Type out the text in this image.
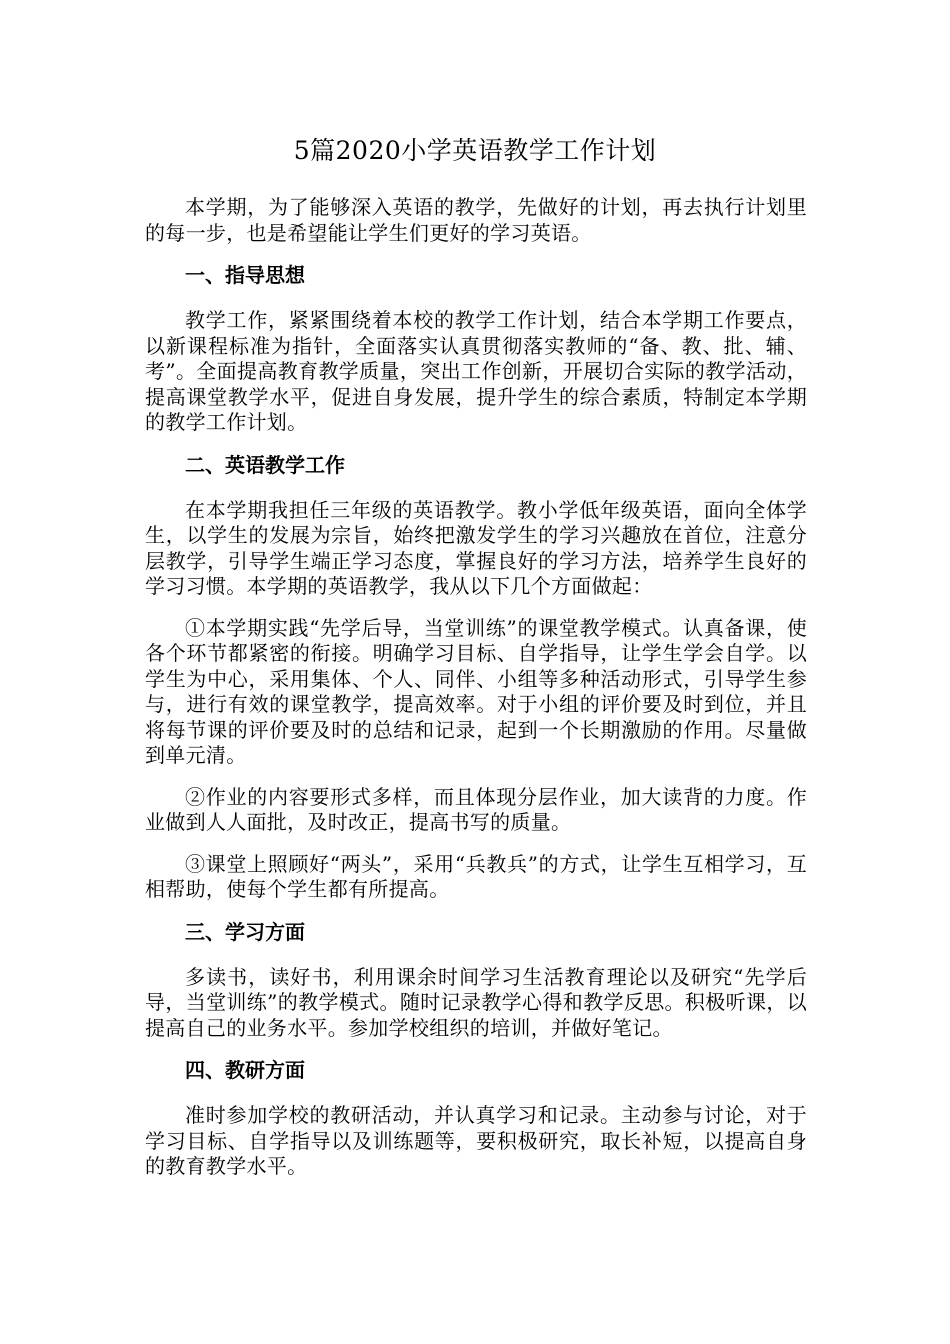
5篇2020小学英语教学工作计划

本学期，为了能够深入英语的教学，先做好的计划，再去执行计划里的每一步，也是希望能让学生们更好的学习英语。

一、指导思想

教学工作，紧紧围绕着本校的教学工作计划，结合本学期工作要点，以新课程标准为指针，全面落实认真贯彻落实教师的“备、教、批、辅、考”。全面提高教育教学质量，突出工作创新，开展切合实际的教学活动，提高课堂教学水平，促进自身发展，提升学生的综合素质，特制定本学期的教学工作计划。

二、英语教学工作

在本学期我担任三年级的英语教学。教小学低年级英语，面向全体学生，以学生的发展为宗旨，始终把激发学生的学习兴趣放在首位，注意分层教学，引导学生端正学习态度，掌握良好的学习方法，培养学生良好的学习习惯。本学期的英语教学，我从以下几个方面做起：

①本学期实践“先学后导，当堂训练”的课堂教学模式。认真备课，使各个环节都紧密的衔接。明确学习目标、自学指导，让学生学会自学。以学生为中心，采用集体、个人、同伴、小组等多种活动形式，引导学生参与，进行有效的课堂教学，提高效率。对于小组的评价要及时到位，并且将每节课的评价要及时的总结和记录，起到一个长期激励的作用。尽量做到单元清。

②作业的内容要形式多样，而且体现分层作业，加大读背的力度。作业做到人人面批，及时改正，提高书写的质量。

③课堂上照顾好“两头”，采用“兵教兵”的方式，让学生互相学习，互相帮助，使每个学生都有所提高。

三、学习方面

多读书，读好书，利用课余时间学习生活教育理论以及研究“先学后导，当堂训练”的教学模式。随时记录教学心得和教学反思。积极听课，以提高自己的业务水平。参加学校组织的培训，并做好笔记。

四、教研方面

准时参加学校的教研活动，并认真学习和记录。主动参与讨论，对于学习目标、自学指导以及训练题等，要积极研究，取长补短，以提高自身的教育教学水平。
